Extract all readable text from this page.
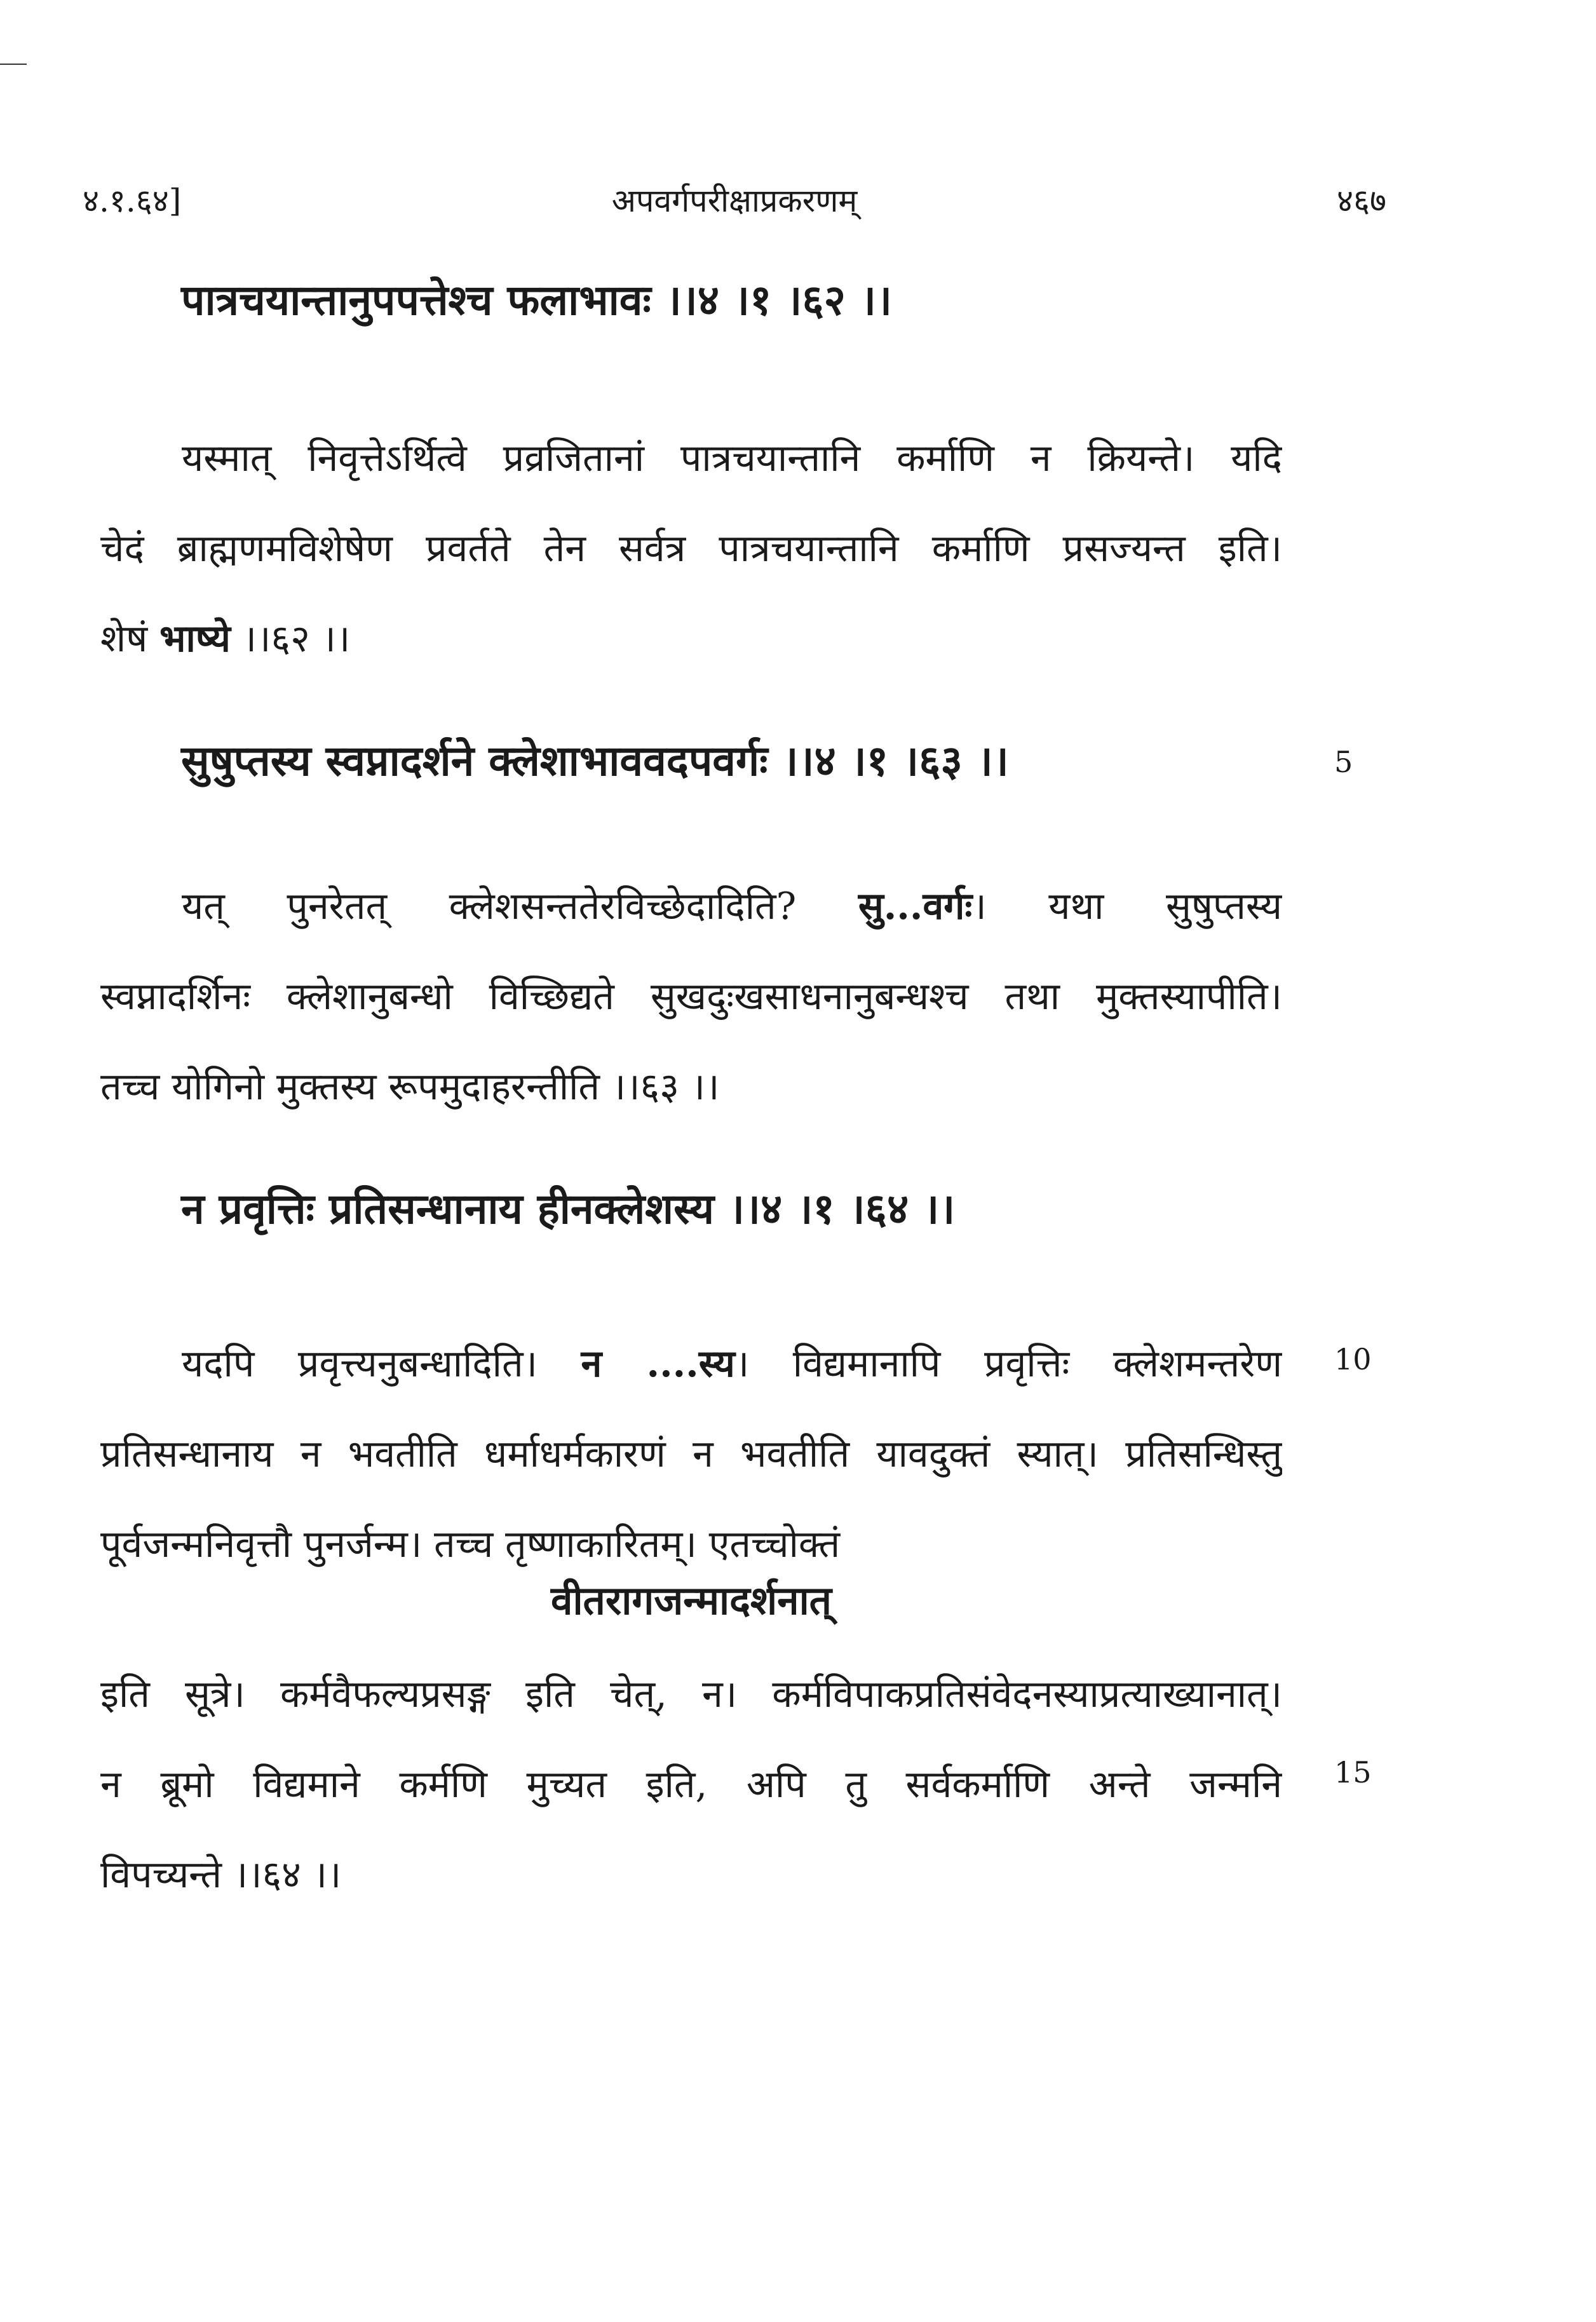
४.१.६४]	अपवर्गपरीक्षाप्रकरणम्	४६७
पात्रचयान्तानुपपत्तेश्च फलाभावः ।।४ ।१ ।६२ ।।
यस्मात् निवृत्तेऽर्थित्वे प्रव्रजितानां पात्रचयान्तानि कर्माणि न क्रियन्ते। यदि
चेदं ब्राह्मणमविशेषेण प्रवर्तते तेन सर्वत्र पात्रचयान्तानि कर्माणि प्रसज्यन्त इति।
शेषं भाष्ये ।।६२ ।।
सुषुप्तस्य स्वप्नादर्शने क्लेशाभाववदपवर्गः ।।४ ।१ ।६३ ।।	5
यत् पुनरेतत् क्लेशसन्ततेरविच्छेदादिति? सु...वर्गः। यथा सुषुप्तस्य
स्वप्नादर्शिनः क्लेशानुबन्धो विच्छिद्यते सुखदुःखसाधनानुबन्धश्च तथा मुक्तस्यापीति।
तच्च योगिनो मुक्तस्य रूपमुदाहरन्तीति ।।६३ ।।
न प्रवृत्तिः प्रतिसन्धानाय हीनक्लेशस्य ।।४ ।१ ।६४ ।।
यदपि प्रवृत्त्यनुबन्धादिति। न ....स्य। विद्यमानापि प्रवृत्तिः क्लेशमन्तरेण
प्रतिसन्धानाय न भवतीति धर्माधर्मकारणं न भवतीति यावदुक्तं स्यात्। प्रतिसन्धिस्तु
पूर्वजन्मनिवृत्तौ पुनर्जन्म। तच्च तृष्णाकारितम्। एतच्चोक्तं
10
वीतरागजन्मादर्शनात्
इति सूत्रे। कर्मवैफल्यप्रसङ्ग इति चेत्, न। कर्मविपाकप्रतिसंवेदनस्याप्रत्याख्यानात्।
न ब्रूमो विद्यमाने कर्मणि मुच्यत इति, अपि तु सर्वकर्माणि अन्ते जन्मनि
विपच्यन्ते ।।६४ ।।
15
